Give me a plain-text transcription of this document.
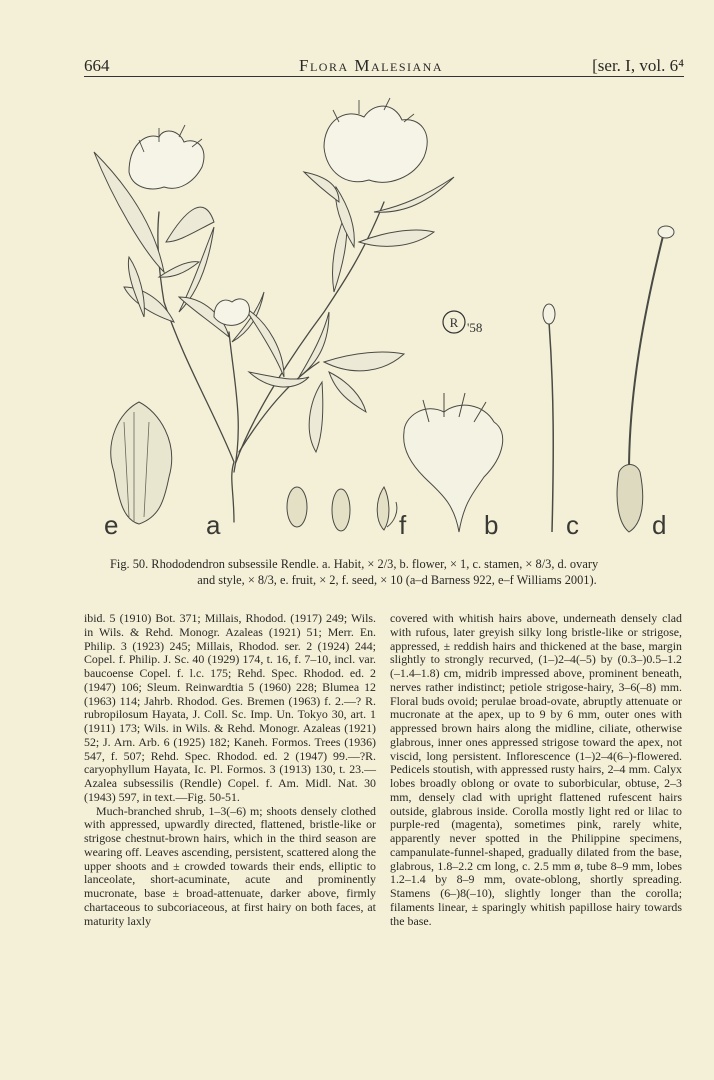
664	Flora Malesiana	[ser. I, vol. 6⁴
R '58
e	a	f	b	c	d
Fig. 50. Rhododendron subsessile Rendle. a. Habit, × 2/3, b. flower, × 1, c. stamen, × 8/3, d. ovary
and style, × 8/3, e. fruit, × 2, f. seed, × 10 (a–d Barness 922, e–f Williams 2001).

ibid. 5 (1910) Bot. 371; Millais, Rhodod. (1917) 249; Wils. in Wils. & Rehd. Monogr. Azaleas (1921) 51; Merr. En. Philip. 3 (1923) 245; Millais, Rhodod. ser. 2 (1924) 244; Copel. f. Philip. J. Sc. 40 (1929) 174, t. 16, f. 7–10, incl. var. baucoense Copel. f. l.c. 175; Rehd. Spec. Rhodod. ed. 2 (1947) 106; Sleum. Reinwardtia 5 (1960) 228; Blumea 12 (1963) 114; Jahrb. Rhodod. Ges. Bremen (1963) f. 2.—? R. rubropilosum Hayata, J. Coll. Sc. Imp. Un. Tokyo 30, art. 1 (1911) 173; Wils. in Wils. & Rehd. Monogr. Azaleas (1921) 52; J. Arn. Arb. 6 (1925) 182; Kaneh. Formos. Trees (1936) 547, f. 507; Rehd. Spec. Rhodod. ed. 2 (1947) 99.—?R. caryophyllum Hayata, Ic. Pl. Formos. 3 (1913) 130, t. 23.— Azalea subsessilis (Rendle) Copel. f. Am. Midl. Nat. 30 (1943) 597, in text.—Fig. 50-51.

Much-branched shrub, 1–3(–6) m; shoots densely clothed with appressed, upwardly directed, flattened, bristle-like or strigose chestnut-brown hairs, which in the third season are wearing off. Leaves ascending, persistent, scattered along the upper shoots and ± crowded towards their ends, elliptic to lanceolate, short-acuminate, acute and prominently mucronate, base ± broad-attenuate, darker above, firmly chartaceous to subcoriaceous, at first hairy on both faces, at maturity laxly

covered with whitish hairs above, underneath densely clad with rufous, later greyish silky long bristle-like or strigose, appressed, ± reddish hairs and thickened at the base, margin slightly to strongly recurved, (1–)2–4(–5) by (0.3–)0.5–1.2 (–1.4–1.8) cm, midrib impressed above, prominent beneath, nerves rather indistinct; petiole strigose-hairy, 3–6(–8) mm. Floral buds ovoid; perulae broad-ovate, abruptly attenuate or mucronate at the apex, up to 9 by 6 mm, outer ones with appressed brown hairs along the midline, ciliate, otherwise glabrous, inner ones appressed strigose toward the apex, not viscid, long persistent. Inflorescence (1–)2–4(6–)-flowered. Pedicels stoutish, with appressed rusty hairs, 2–4 mm. Calyx lobes broadly oblong or ovate to suborbicular, obtuse, 2–3 mm, densely clad with upright flattened rufescent hairs outside, glabrous inside. Corolla mostly light red or lilac to purple-red (magenta), sometimes pink, rarely white, apparently never spotted in the Philippine specimens, campanulate-funnel-shaped, gradually dilated from the base, glabrous, 1.8–2.2 cm long, c. 2.5 mm ø, tube 8–9 mm, lobes 1.2–1.4 by 8–9 mm, ovate-oblong, shortly spreading. Stamens (6–)8(–10), slightly longer than the corolla; filaments linear, ± sparingly whitish papillose hairy towards the base.
